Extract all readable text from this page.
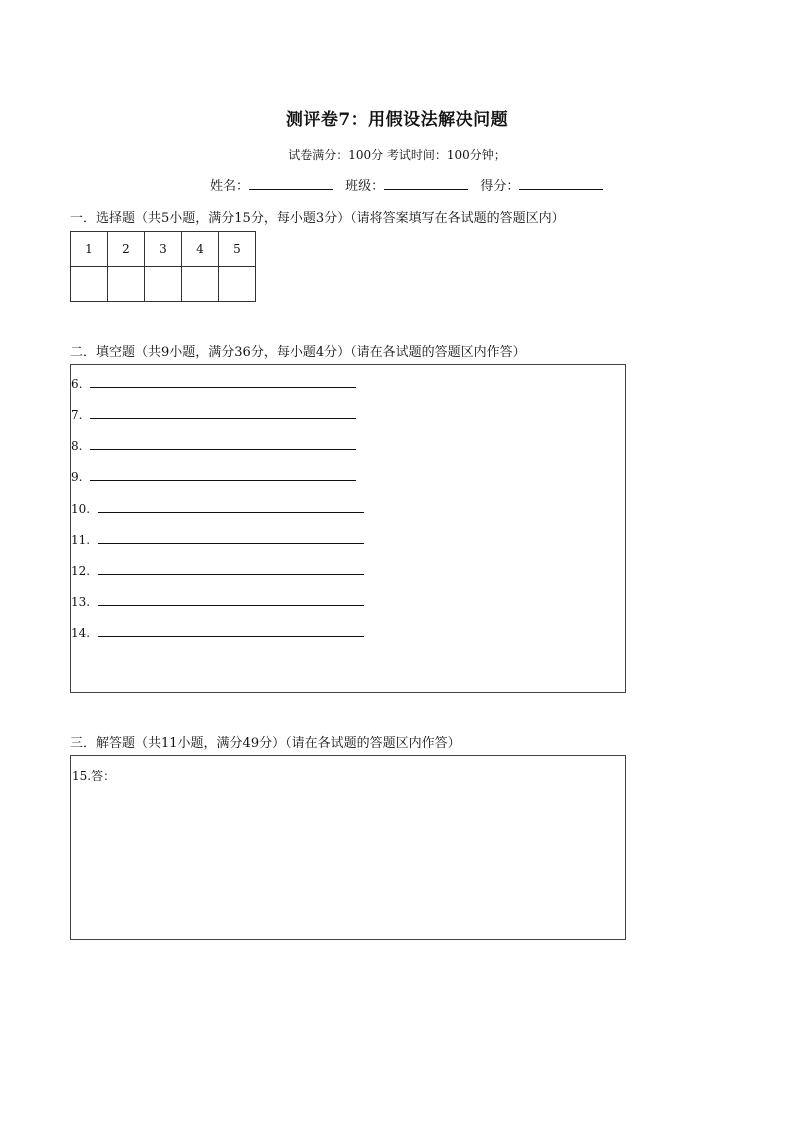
测评卷7：用假设法解决问题
试卷满分：100分 考试时间：100分钟；
姓名：	班级：	得分：
一．选择题（共5小题，满分15分，每小题3分）（请将答案填写在各试题的答题区内）
1	2	3	4	5

二．填空题（共9小题，满分36分，每小题4分）（请在各试题的答题区内作答）
6.
7.
8.
9.
10.
11.
12.
13.
14.
三．解答题（共11小题，满分49分）（请在各试题的答题区内作答）
15.答：
